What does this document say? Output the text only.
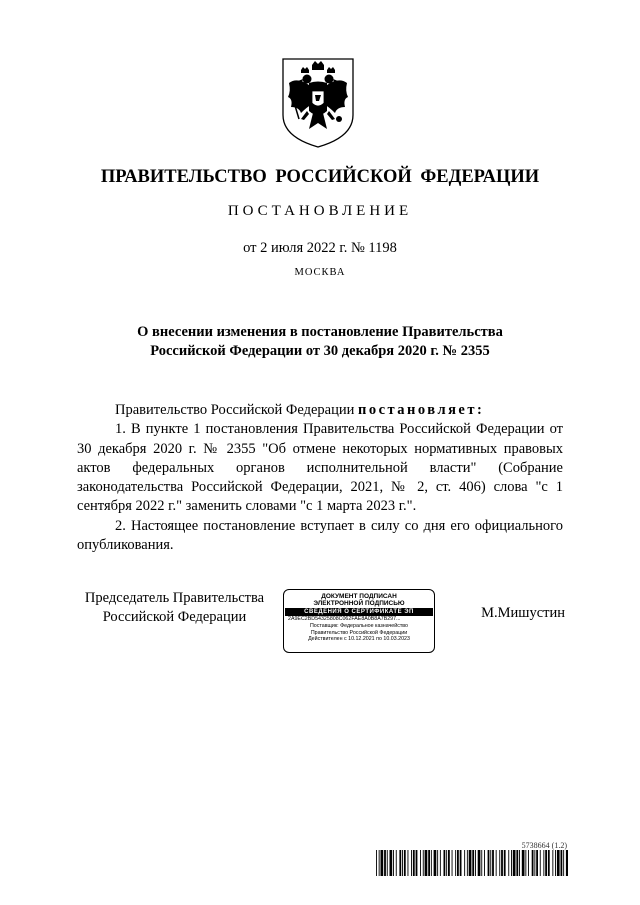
ПРАВИТЕЛЬСТВО РОССИЙСКОЙ ФЕДЕРАЦИИ
ПОСТАНОВЛЕНИЕ
от 2 июля 2022 г. № 1198
МОСКВА
О внесении изменения в постановление Правительства
Российской Федерации от 30 декабря 2020 г. № 2355

Правительство Российской Федерации постановляет:

1. В пункте 1 постановления Правительства Российской Федерации от 30 декабря 2020 г. № 2355 "Об отмене некоторых нормативных правовых актов федеральных органов исполнительной власти" (Собрание законодательства Российской Федерации, 2021, № 2, ст. 406) слова "с 1 сентября 2022 г." заменить словами "с 1 марта 2023 г.".

2. Настоящее постановление вступает в силу со дня его официального опубликования.

Председатель Правительства
Российской Федерации
ДОКУМЕНТ ПОДПИСАН
ЭЛЕКТРОННОЙ ПОДПИСЬЮ
СВЕДЕНИЯ О СЕРТИФИКАТЕ ЭП
2A9EC2BD54325808C062FAE8A0B8A7B297...
Поставщик: Федеральное казначейство
Правительство Российской Федерации
Действителен с 10.12.2021 по 10.03.2023
М.Мишустин
5738664 (1.2)
